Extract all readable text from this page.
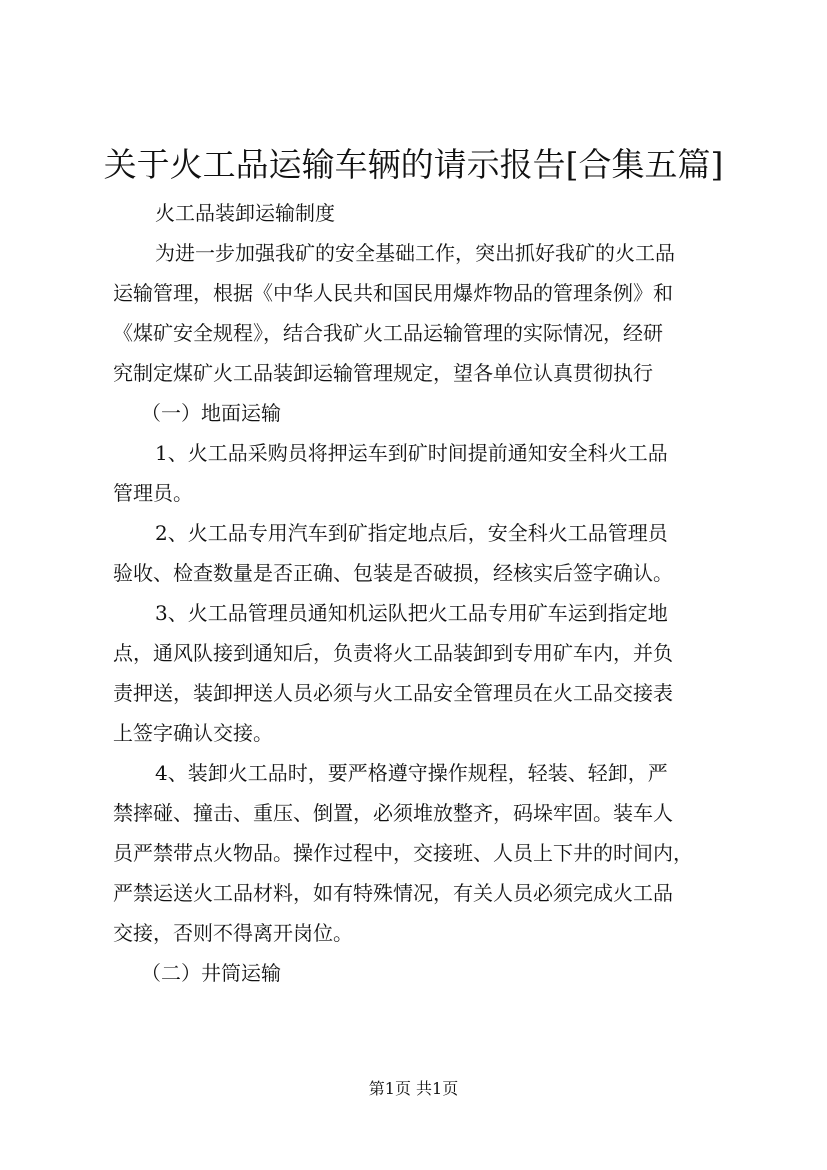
关于火工品运输车辆的请示报告[合集五篇]
火工品装卸运输制度
为进一步加强我矿的安全基础工作，突出抓好我矿的火工品
运输管理，根据《中华人民共和国民用爆炸物品的管理条例》和
《煤矿安全规程》，结合我矿火工品运输管理的实际情况，经研
究制定煤矿火工品装卸运输管理规定，望各单位认真贯彻执行
（一）地面运输
1、火工品采购员将押运车到矿时间提前通知安全科火工品
管理员。
2、火工品专用汽车到矿指定地点后，安全科火工品管理员
验收、检查数量是否正确、包装是否破损，经核实后签字确认。
3、火工品管理员通知机运队把火工品专用矿车运到指定地
点，通风队接到通知后，负责将火工品装卸到专用矿车内，并负
责押送，装卸押送人员必须与火工品安全管理员在火工品交接表
上签字确认交接。
4、装卸火工品时，要严格遵守操作规程，轻装、轻卸，严
禁摔碰、撞击、重压、倒置，必须堆放整齐，码垛牢固。装车人
员严禁带点火物品。操作过程中，交接班、人员上下井的时间内，
严禁运送火工品材料，如有特殊情况，有关人员必须完成火工品
交接，否则不得离开岗位。
（二）井筒运输
第1页 共1页
